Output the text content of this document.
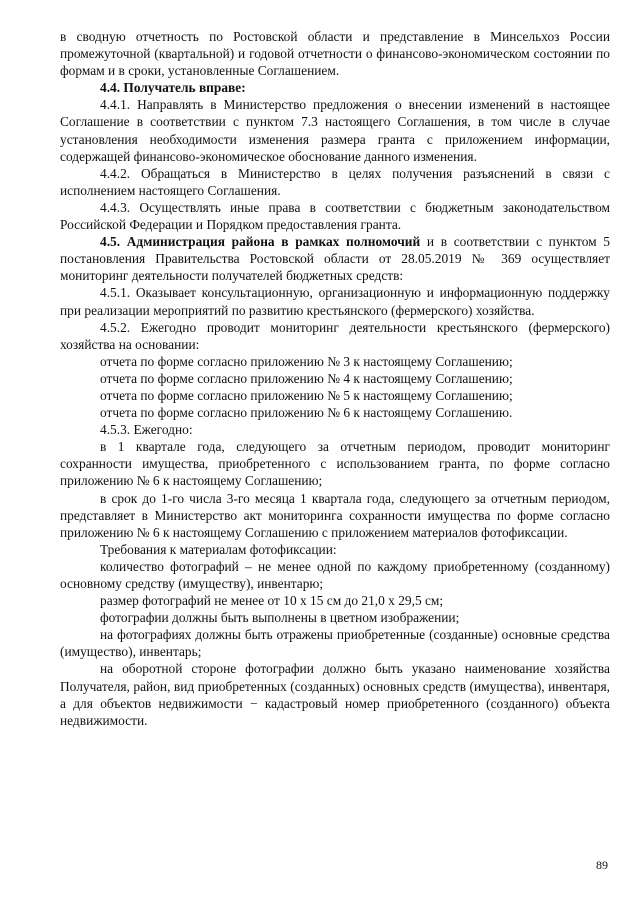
в сводную отчетность по Ростовской области и представление в Минсельхоз России промежуточной (квартальной) и годовой отчетности о финансово-экономическом состоянии по формам и в сроки, установленные Соглашением.

4.4. Получатель вправе:

4.4.1. Направлять в Министерство предложения о внесении изменений в настоящее Соглашение в соответствии с пунктом 7.3 настоящего Соглашения, в том числе в случае установления необходимости изменения размера гранта с приложением информации, содержащей финансово-экономическое обоснование данного изменения.

4.4.2. Обращаться в Министерство в целях получения разъяснений в связи с исполнением настоящего Соглашения.

4.4.3. Осуществлять иные права в соответствии с бюджетным законодательством Российской Федерации и Порядком предоставления гранта.

4.5. Администрация района в рамках полномочий и в соответствии с пунктом 5 постановления Правительства Ростовской области от 28.05.2019 № 369 осуществляет мониторинг деятельности получателей бюджетных средств:

4.5.1. Оказывает консультационную, организационную и информационную поддержку при реализации мероприятий по развитию крестьянского (фермерского) хозяйства.

4.5.2. Ежегодно проводит мониторинг деятельности крестьянского (фермерского) хозяйства на основании:

отчета по форме согласно приложению № 3 к настоящему Соглашению;

отчета по форме согласно приложению № 4 к настоящему Соглашению;

отчета по форме согласно приложению № 5 к настоящему Соглашению;

отчета по форме согласно приложению № 6 к настоящему Соглашению.

4.5.3. Ежегодно:

в 1 квартале года, следующего за отчетным периодом, проводит мониторинг сохранности имущества, приобретенного с использованием гранта, по форме согласно приложению № 6 к настоящему Соглашению;

в срок до 1-го числа 3-го месяца 1 квартала года, следующего за отчетным периодом, представляет в Министерство акт мониторинга сохранности имущества по форме согласно приложению № 6 к настоящему Соглашению с приложением материалов фотофиксации.

Требования к материалам фотофиксации:

количество фотографий – не менее одной по каждому приобретенному (созданному) основному средству (имуществу), инвентарю;

размер фотографий не менее от 10 х 15 см до 21,0 х 29,5 см;

фотографии должны быть выполнены в цветном изображении;

на фотографиях должны быть отражены приобретенные (созданные) основные средства (имущество), инвентарь;

на оборотной стороне фотографии должно быть указано наименование хозяйства Получателя, район, вид приобретенных (созданных) основных средств (имущества), инвентаря, а для объектов недвижимости − кадастровый номер приобретенного (созданного) объекта недвижимости.

89
